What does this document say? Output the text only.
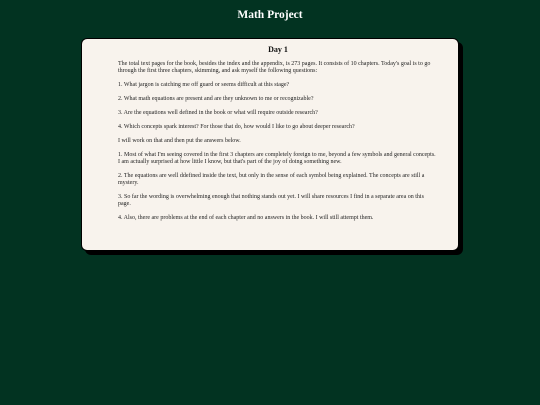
Math Project
Day 1

The total text pages for the book, besides the index and the appendix, is 273 pages. It consists of 10 chapters. Today's goal is to go through the first three chapters, skimming, and ask myself the following questions:

1. What jargon is catching me off guard or seems difficult at this stage?

2. What math equations are present and are they unknown to me or recognizable?

3. Are the equations well defined in the book or what will require outside research?

4. Which concepts spark interest? For those that do, how would I like to go about deeper research?

I will work on that and then put the answers below.

1. Most of what I'm seeing covered in the first 3 chapters are completely foreign to me, beyond a few symbols and general concepts. I am actually surprised at how little I know, but that's part of the joy of doing something new.

2. The equations are well ddefined inside the text, but only in the sense of each symbol being explained. The concepts are still a mystery.

3. So far the wording is overwhelming enough that nothing stands out yet. I will share resources I find in a separate area on this page.

4. Also, there are problems at the end of each chapter and no answers in the book. I will still attempt them.
